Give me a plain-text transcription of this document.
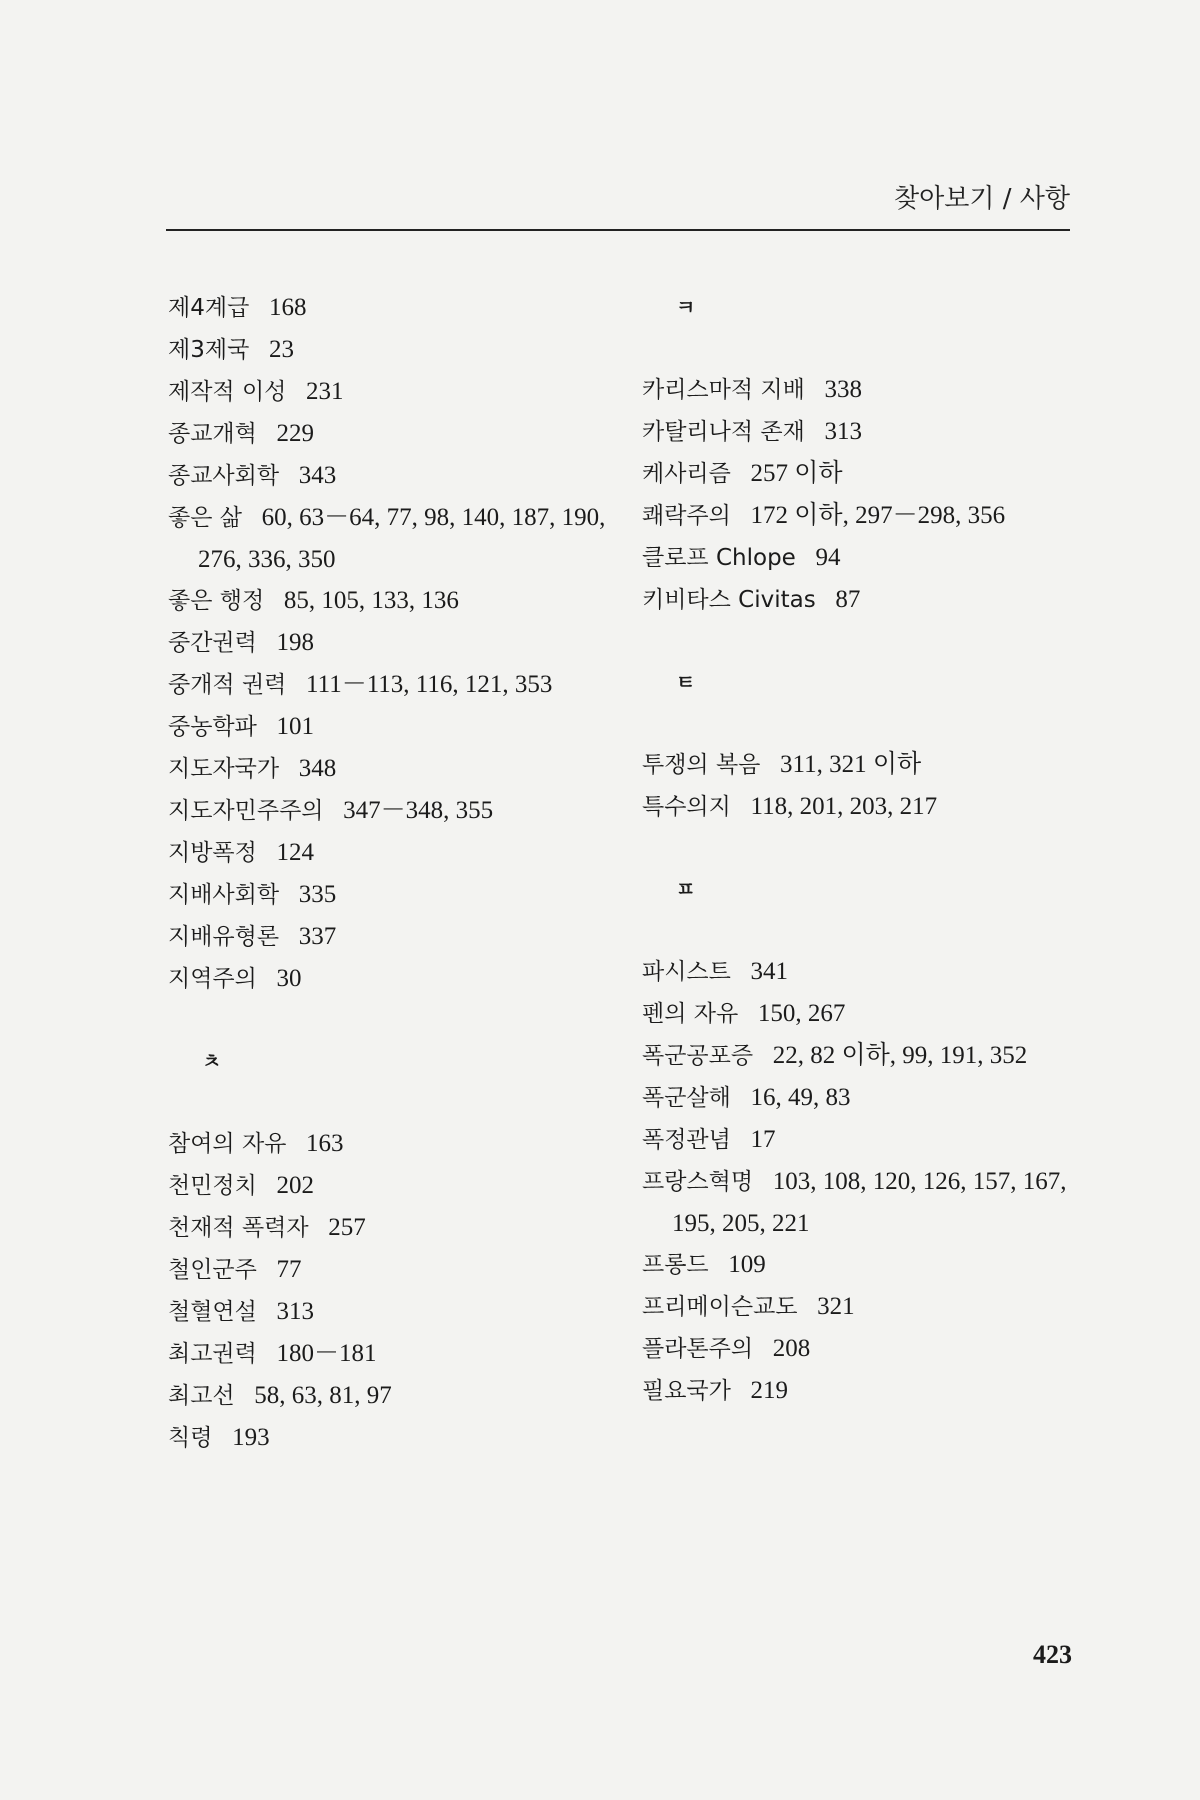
찾아보기 / 사항
제4계급  168
제3제국  23
제작적 이성  231
종교개혁  229
종교사회학  343
좋은 삶  60, 63－64, 77, 98, 140, 187, 190, 276, 336, 350
좋은 행정  85, 105, 133, 136
중간권력  198
중개적 권력  111－113, 116, 121, 353
중농학파  101
지도자국가  348
지도자민주주의  347－348, 355
지방폭정  124
지배사회학  335
지배유형론  337
지역주의  30
ㅊ
참여의 자유  163
천민정치  202
천재적 폭력자  257
철인군주  77
철혈연설  313
최고권력  180－181
최고선  58, 63, 81, 97
칙령  193
ㅋ
카리스마적 지배  338
카탈리나적 존재  313
케사리즘  257 이하
쾌락주의  172 이하, 297－298, 356
클로프 Chlope  94
키비타스 Civitas  87
ㅌ
투쟁의 복음  311, 321 이하
특수의지  118, 201, 203, 217
ㅍ
파시스트  341
펜의 자유  150, 267
폭군공포증  22, 82 이하, 99, 191, 352
폭군살해  16, 49, 83
폭정관념  17
프랑스혁명  103, 108, 120, 126, 157, 167, 195, 205, 221
프롱드  109
프리메이슨교도  321
플라톤주의  208
필요국가  219
423
